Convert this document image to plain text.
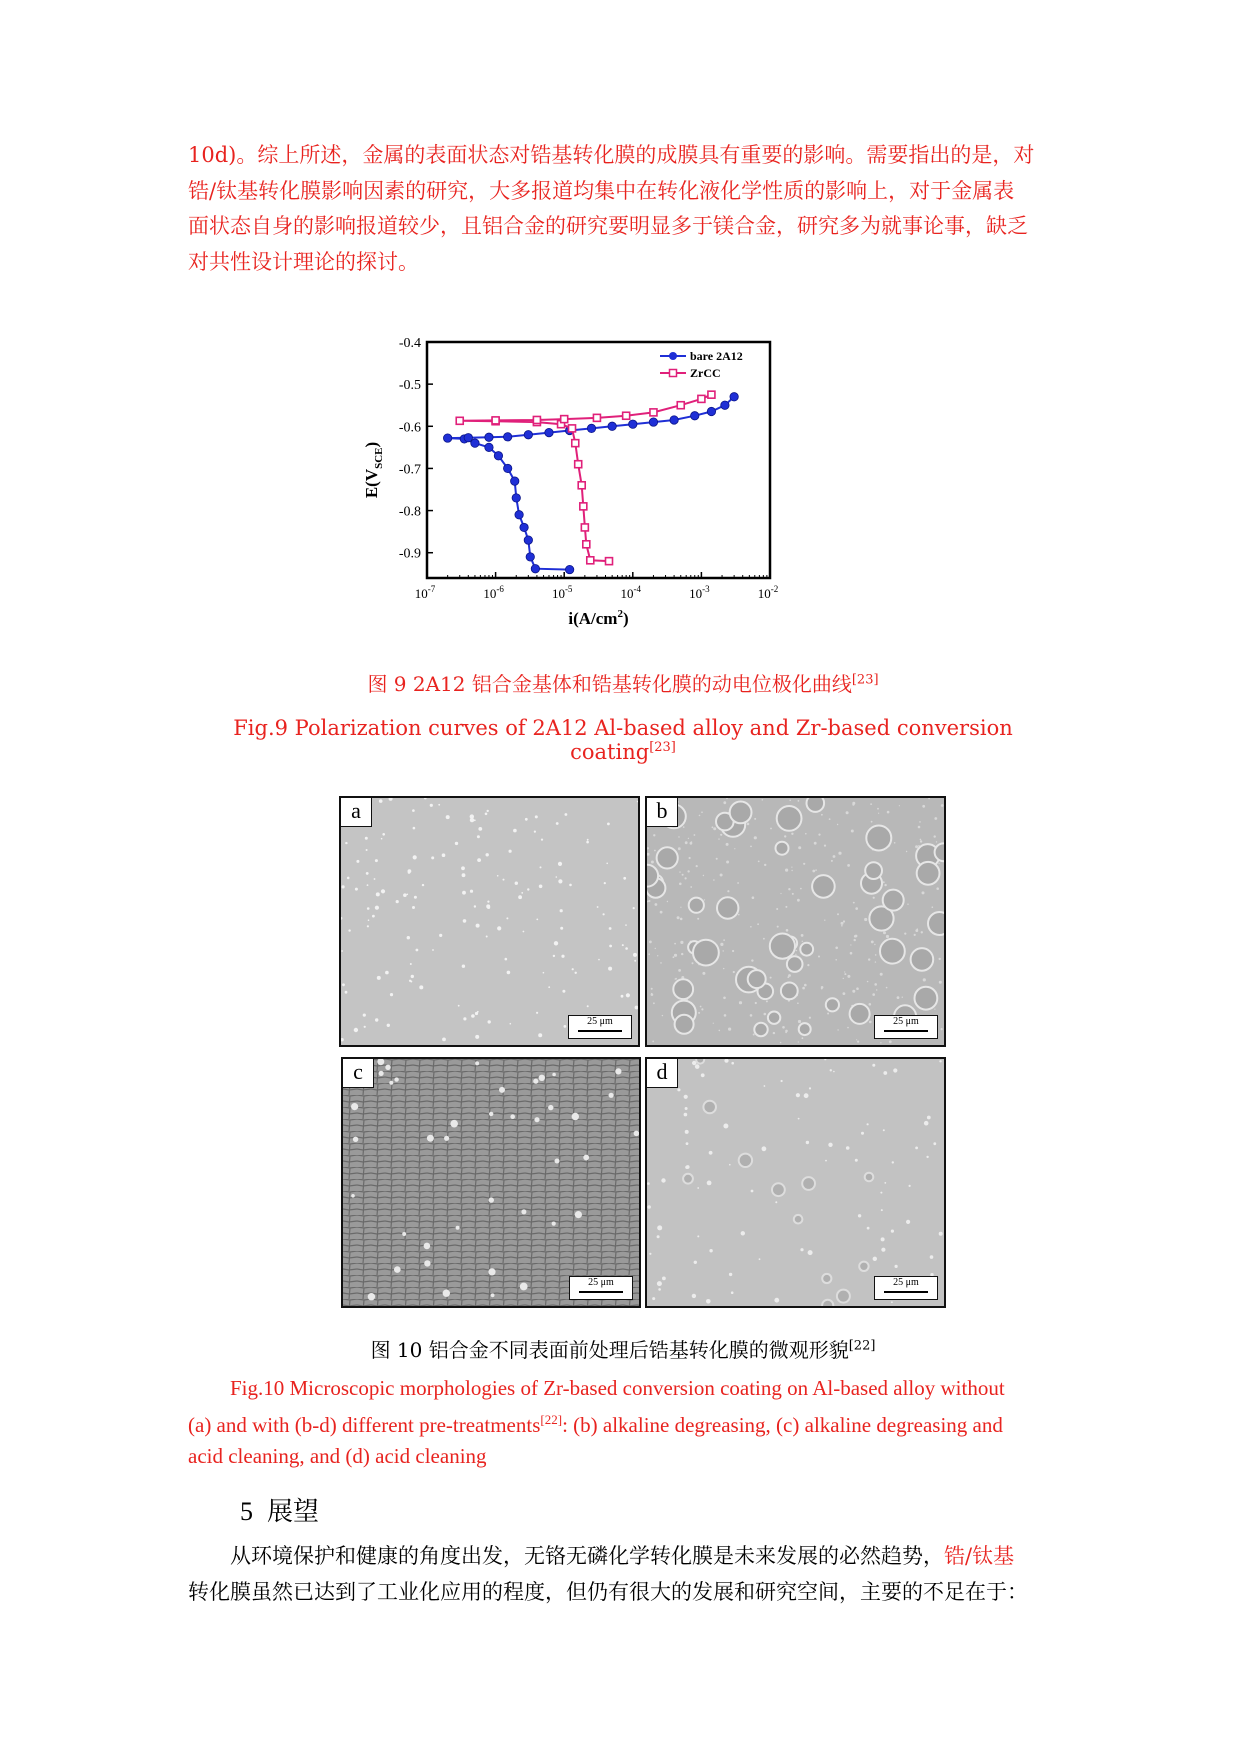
10d)。综上所述，金属的表面状态对锆基转化膜的成膜具有重要的影响。需要指出的是，对
锆/钛基转化膜影响因素的研究，大多报道均集中在转化液化学性质的影响上，对于金属表
面状态自身的影响报道较少，且铝合金的研究要明显多于镁合金，研究多为就事论事，缺乏
对共性设计理论的探讨。
-0.4
-0.5
-0.6
-0.7
-0.8
-0.9
$10^{-7}$	$10^{-6}$	$10^{-5}$	$10^{-4}$	$10^{-3}$	$10^{-2}$
$i(A/cm^2)$
$E(V_{SCE})$
bare 2A12
ZrCC
图 9 2A12 铝合金基体和锆基转化膜的动电位极化曲线[23]
Fig.9 Polarization curves of 2A12 Al-based alloy and Zr-based conversion coating[23]
a
25 μm
b
25 μm
c
25 μm
d
25 μm
图 10 铝合金不同表面前处理后锆基转化膜的微观形貌[22]
Fig.10 Microscopic morphologies of Zr-based conversion coating on Al-based alloy without
(a) and with (b-d) different pre-treatments[22]: (b) alkaline degreasing, (c) alkaline degreasing and
acid cleaning, and (d) acid cleaning
5 展望
　　从环境保护和健康的角度出发，无铬无磷化学转化膜是未来发展的必然趋势，锆/钛基
转化膜虽然已达到了工业化应用的程度，但仍有很大的发展和研究空间，主要的不足在于：
